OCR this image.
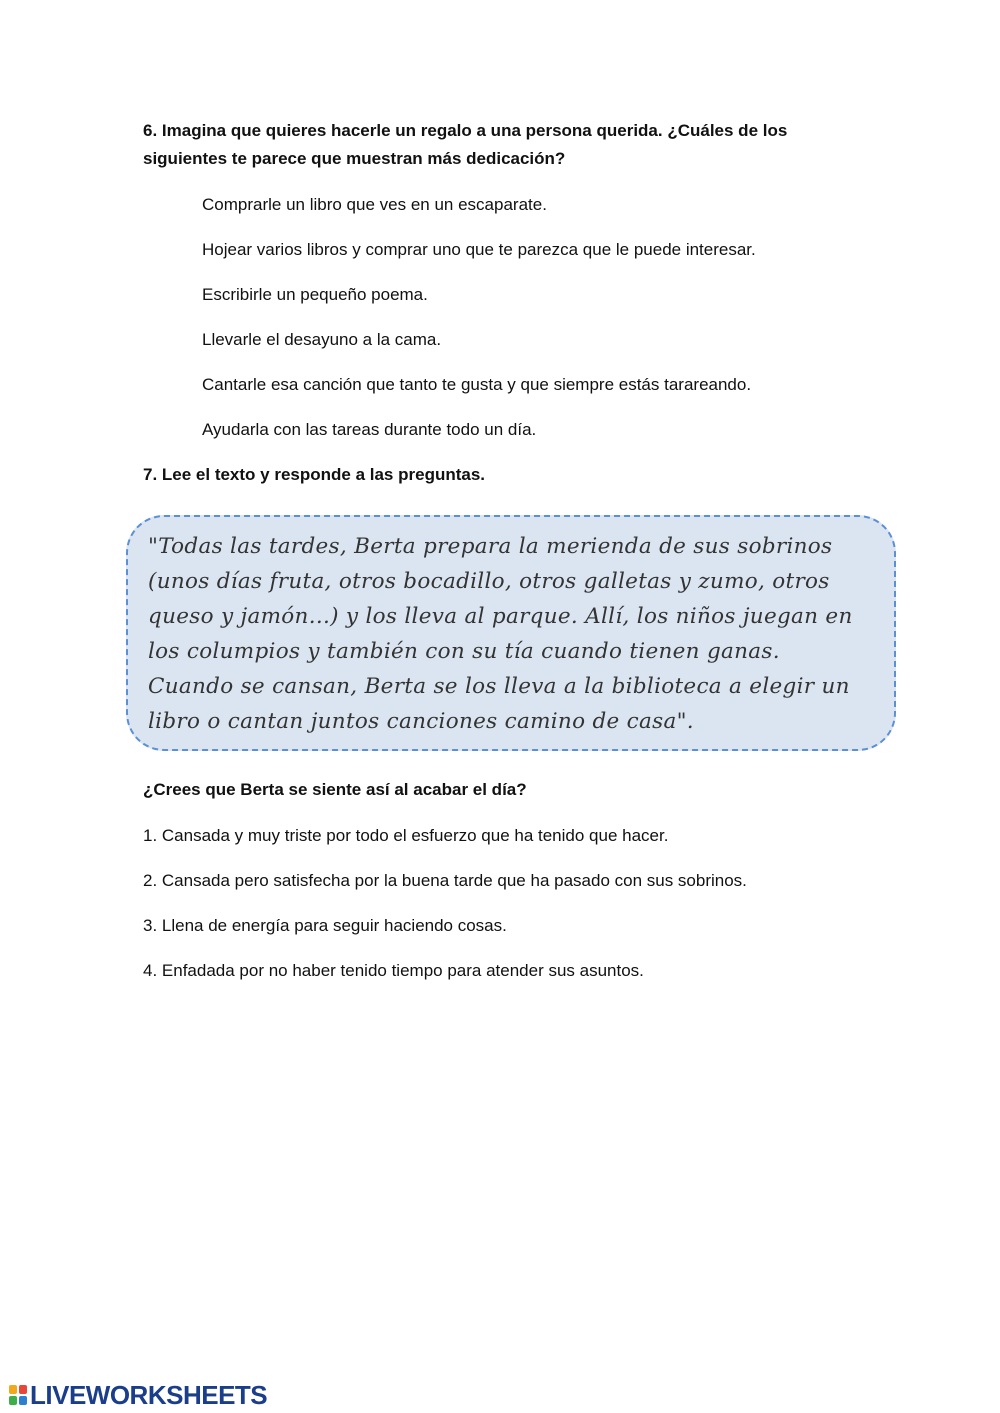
6. Imagina que quieres hacerle un regalo a una persona querida. ¿Cuáles de los siguientes te parece que muestran más dedicación?
Comprarle un libro que ves en un escaparate.
Hojear varios libros y comprar uno que te parezca que le puede interesar.
Escribirle un pequeño poema.
Llevarle el desayuno a la cama.
Cantarle esa canción que tanto te gusta y que siempre estás tarareando.
Ayudarla con las tareas durante todo un día.
7. Lee el texto y responde a las preguntas.
"Todas las tardes, Berta prepara la merienda de sus sobrinos
(unos días fruta, otros bocadillo, otros galletas y zumo, otros
queso y jamón...) y los lleva al parque. Allí, los niños juegan en
los columpios y también con su tía cuando tienen ganas.
Cuando se cansan, Berta se los lleva a la biblioteca a elegir un
libro o cantan juntos canciones camino de casa".
¿Crees que Berta se siente así al acabar el día?
1. Cansada y muy triste por todo el esfuerzo que ha tenido que hacer.
2. Cansada pero satisfecha por la buena tarde que ha pasado con sus sobrinos.
3. Llena de energía para seguir haciendo cosas.
4. Enfadada por no haber tenido tiempo para atender sus asuntos.
LIVEWORKSHEETS
